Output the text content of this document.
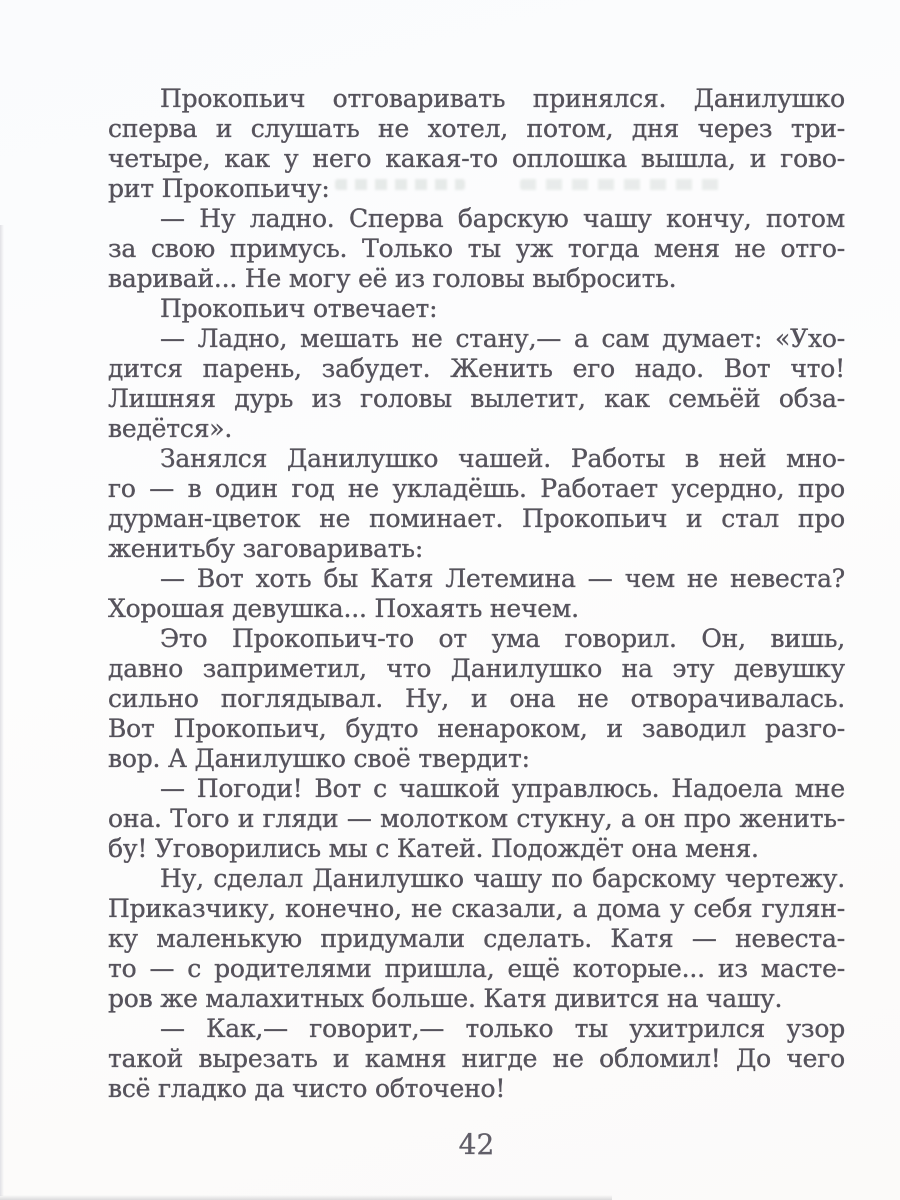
Прокопьич отговаривать принялся. Данилушко
сперва и слушать не хотел, потом, дня через три-
четыре, как у него какая-то оплошка вышла, и гово-
рит Прокопьичу:
— Ну ладно. Сперва барскую чашу кончу, потом
за свою примусь. Только ты уж тогда меня не отго-
варивай... Не могу её из головы выбросить.
Прокопьич отвечает:
— Ладно, мешать не стану,— а сам думает: «Ухо-
дится парень, забудет. Женить его надо. Вот что!
Лишняя дурь из головы вылетит, как семьёй обза-
ведётся».
Занялся Данилушко чашей. Работы в ней мно-
го — в один год не укладёшь. Работает усердно, про
дурман-цветок не поминает. Прокопьич и стал про
женитьбу заговаривать:
— Вот хоть бы Катя Летемина — чем не невеста?
Хорошая девушка... Похаять нечем.
Это Прокопьич-то от ума говорил. Он, вишь,
давно заприметил, что Данилушко на эту девушку
сильно поглядывал. Ну, и она не отворачивалась.
Вот Прокопьич, будто ненароком, и заводил разго-
вор. А Данилушко своё твердит:
— Погоди! Вот с чашкой управлюсь. Надоела мне
она. Того и гляди — молотком стукну, а он про женить-
бу! Уговорились мы с Катей. Подождёт она меня.
Ну, сделал Данилушко чашу по барскому чертежу.
Приказчику, конечно, не сказали, а дома у себя гулян-
ку маленькую придумали сделать. Катя — невеста-
то — с родителями пришла, ещё которые... из масте-
ров же малахитных больше. Катя дивится на чашу.
— Как,— говорит,— только ты ухитрился узор
такой вырезать и камня нигде не обломил! До чего
всё гладко да чисто обточено!
42
